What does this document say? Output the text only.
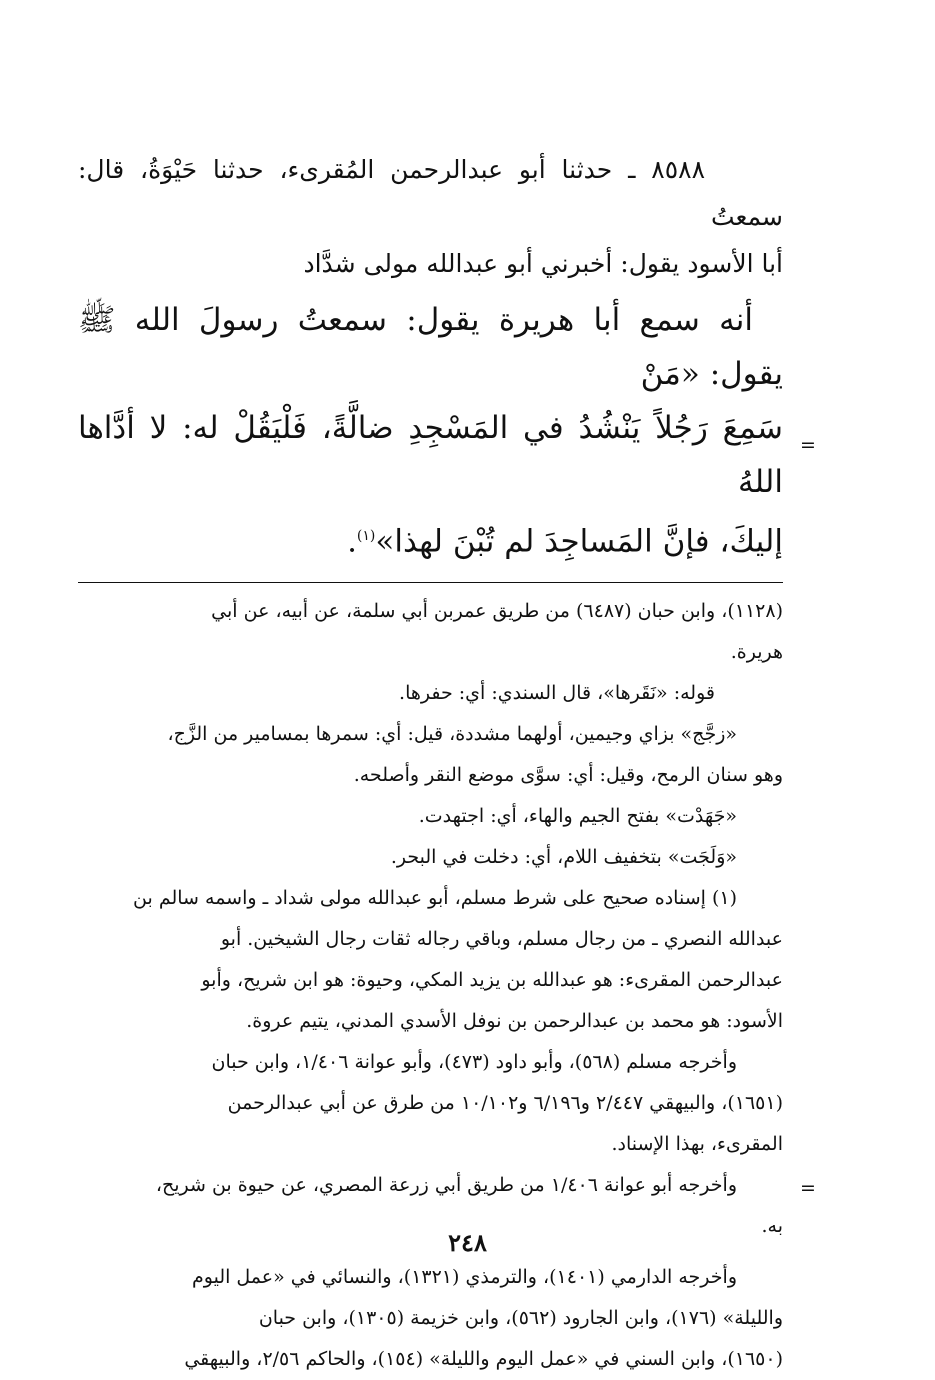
٨٥٨٨ ـ حدثنا أبو عبدالرحمن المُقرىء، حدثنا حَيْوَةُ، قال: سمعتُ

أبا الأسود يقول: أخبرني أبو عبدالله مولى شدَّاد

أنه سمع أبا هريرة يقول: سمعتُ رسولَ الله ﷺ يقول: «مَنْ

سَمِعَ رَجُلاً يَنْشُدُ في المَسْجِدِ ضالَّةً، فَلْيَقُلْ له: لا أدَّاها اللهُ

إليكَ، فإنَّ المَساجِدَ لم تُبْنَ لهذا»$^{(١)}$.

(١١٢٨)، وابن حبان (٦٤٨٧) من طريق عمربن أبي سلمة، عن أبيه، عن أبي

هريرة.

قوله: «نَقَرها»، قال السندي: أي: حفرها.

«زجَّج» بزاي وجيمين، أولهما مشددة، قيل: أي: سمرها بمسامير من الزَّج،

وهو سنان الرمح، وقيل: أي: سوَّى موضع النقر وأصلحه.

«جَهَدْت» بفتح الجيم والهاء، أي: اجتهدت.

«وَلَجَت» بتخفيف اللام، أي: دخلت في البحر.

(١) إسناده صحيح على شرط مسلم، أبو عبدالله مولى شداد ـ واسمه سالم بن

عبدالله النصري ـ من رجال مسلم، وباقي رجاله ثقات رجال الشيخين. أبو

عبدالرحمن المقرىء: هو عبدالله بن يزيد المكي، وحيوة: هو ابن شريح، وأبو

الأسود: هو محمد بن عبدالرحمن بن نوفل الأسدي المدني، يتيم عروة.

وأخرجه مسلم (٥٦٨)، وأبو داود (٤٧٣)، وأبو عوانة ١/٤٠٦، وابن حبان

(١٦٥١)، والبيهقي ٢/٤٤٧ و٦/١٩٦ و١٠/١٠٢ من طرق عن أبي عبدالرحمن

المقرىء، بهذا الإسناد.

وأخرجه أبو عوانة ١/٤٠٦ من طريق أبي زرعة المصري، عن حيوة بن شريح،

به.

وأخرجه الدارمي (١٤٠١)، والترمذي (١٣٢١)، والنسائي في «عمل اليوم

والليلة» (١٧٦)، وابن الجارود (٥٦٢)، وابن خزيمة (١٣٠٥)، وابن حبان

(١٦٥٠)، وابن السني في «عمل اليوم والليلة» (١٥٤)، والحاكم ٢/٥٦، والبيهقي

=
=
٢٤٨
